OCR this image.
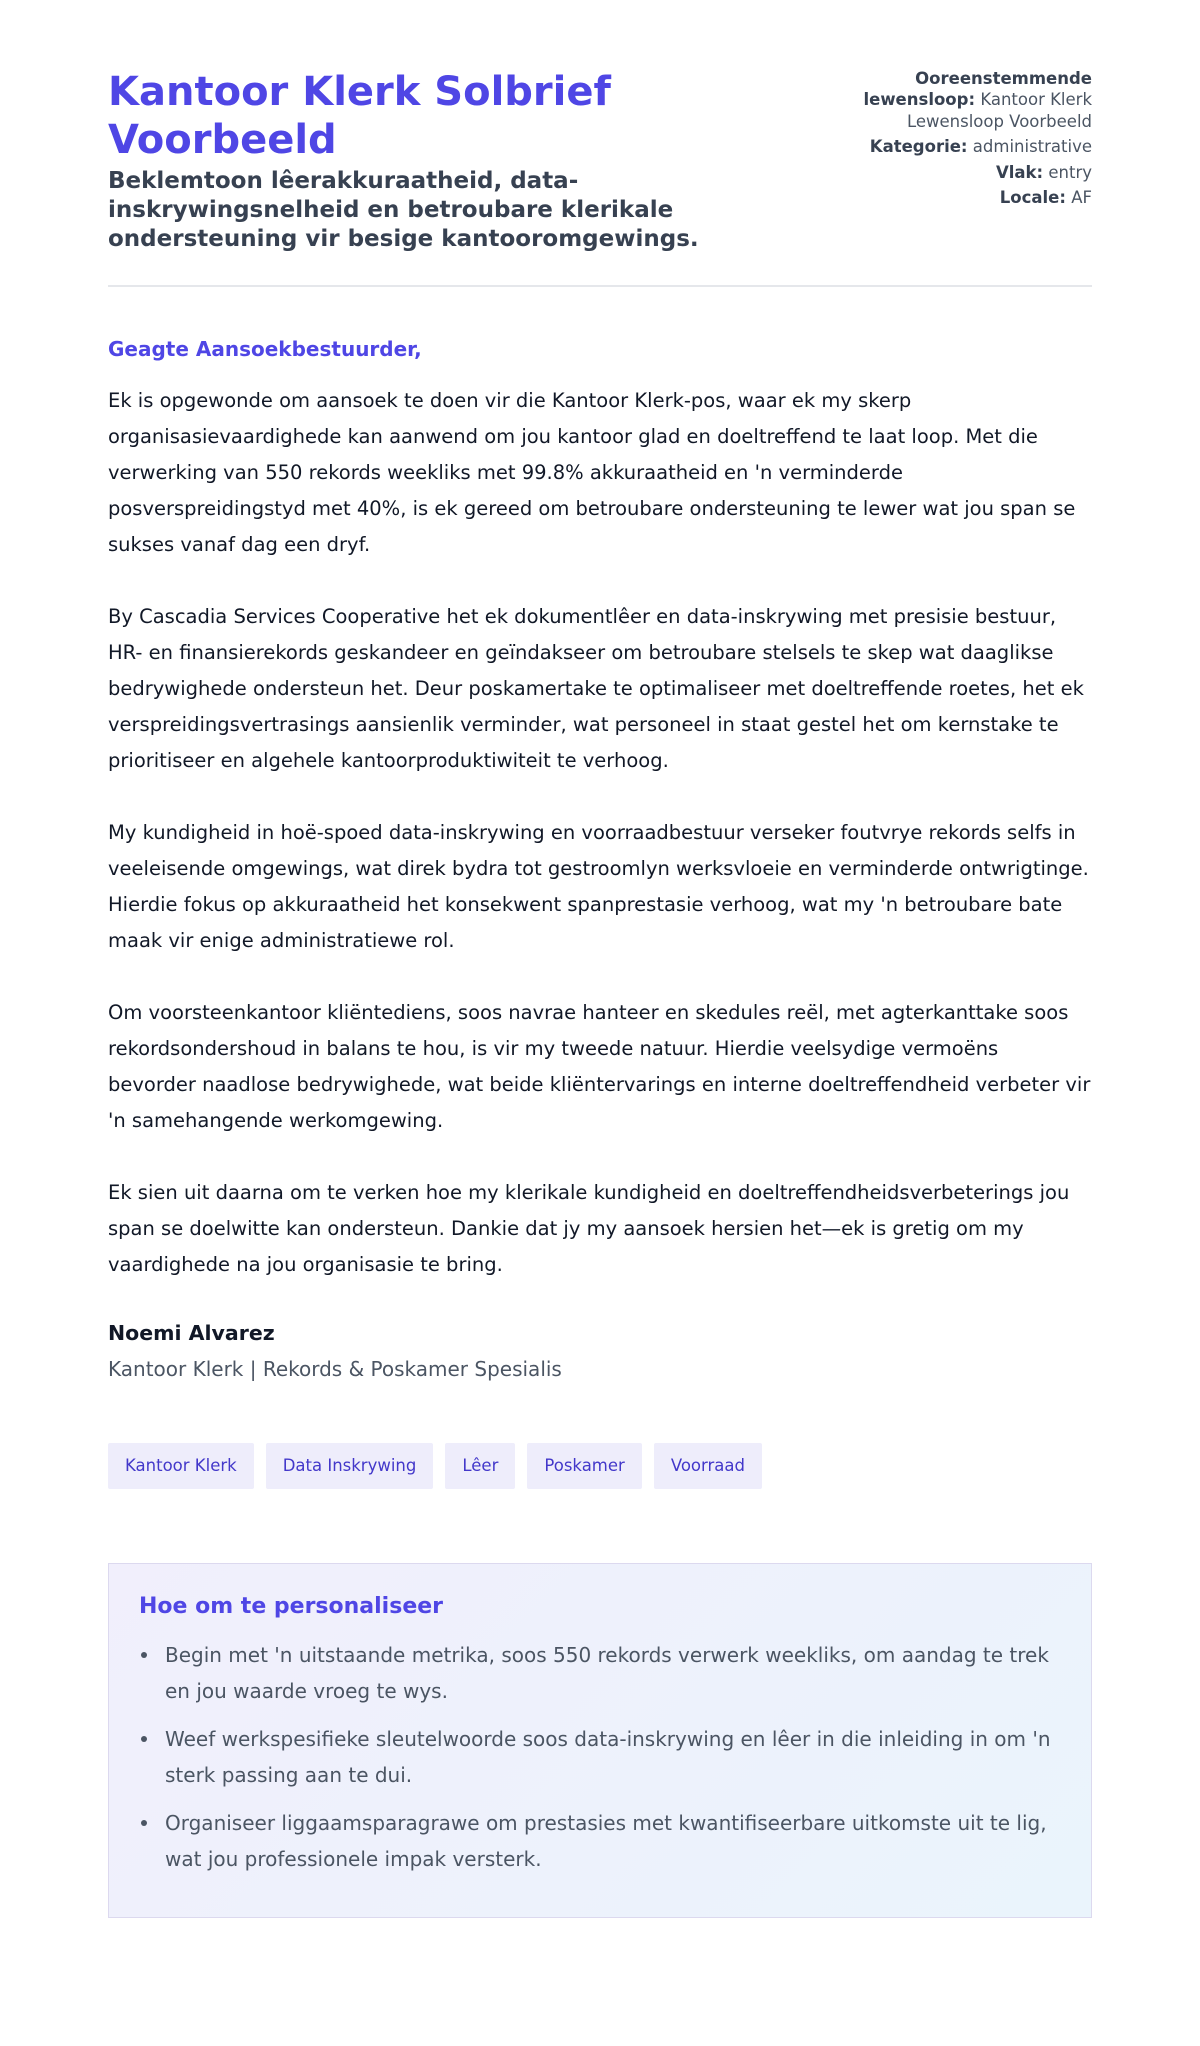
Kantoor Klerk Solbrief Voorbeeld
Beklemtoon lêerakkuraatheid, data-inskrywingsnelheid en betroubare klerikale ondersteuning vir besige kantooromgewings.
Ooreenstemmende lewensloop: Kantoor Klerk Lewensloop Voorbeeld
Kategorie: administrative
Vlak: entry
Locale: AF
Geagte Aansoekbestuurder,

Ek is opgewonde om aansoek te doen vir die Kantoor Klerk-pos, waar ek my skerp organisasievaardighede kan aanwend om jou kantoor glad en doeltreffend te laat loop. Met die verwerking van 550 rekords weekliks met 99.8% akkuraatheid en 'n verminderde posverspreidingstyd met 40%, is ek gereed om betroubare ondersteuning te lewer wat jou span se sukses vanaf dag een dryf.

By Cascadia Services Cooperative het ek dokumentlêer en data-inskrywing met presisie bestuur, HR- en finansierekords geskandeer en geïndakseer om betroubare stelsels te skep wat daaglikse bedrywighede ondersteun het. Deur poskamertake te optimaliseer met doeltreffende roetes, het ek verspreidingsvertrasings aansienlik verminder, wat personeel in staat gestel het om kernstake te prioritiseer en algehele kantoorproduktiwiteit te verhoog.

My kundigheid in hoë-spoed data-inskrywing en voorraadbestuur verseker foutvrye rekords selfs in veeleisende omgewings, wat direk bydra tot gestroomlyn werksvloeie en verminderde ontwrigtinge. Hierdie fokus op akkuraatheid het konsekwent spanprestasie verhoog, wat my 'n betroubare bate maak vir enige administratiewe rol.

Om voorsteenkantoor kliëntediens, soos navrae hanteer en skedules reël, met agterkanttake soos rekordsondershoud in balans te hou, is vir my tweede natuur. Hierdie veelsydige vermoëns bevorder naadlose bedrywighede, wat beide kliëntervarings en interne doeltreffendheid verbeter vir 'n samehangende werkomgewing.

Ek sien uit daarna om te verken hoe my klerikale kundigheid en doeltreffendheidsverbeterings jou span se doelwitte kan ondersteun. Dankie dat jy my aansoek hersien het—ek is gretig om my vaardighede na jou organisasie te bring.

Noemi Alvarez
Kantoor Klerk | Rekords & Poskamer Spesialis
Kantoor Klerk	Data Inskrywing	Lêer	Poskamer	Voorraad
Hoe om te personaliseer
Begin met 'n uitstaande metrika, soos 550 rekords verwerk weekliks, om aandag te trek en jou waarde vroeg te wys.
Weef werkspesifieke sleutelwoorde soos data-inskrywing en lêer in die inleiding in om 'n sterk passing aan te dui.
Organiseer liggaamsparagrawe om prestasies met kwantifiseerbare uitkomste uit te lig, wat jou professionele impak versterk.
